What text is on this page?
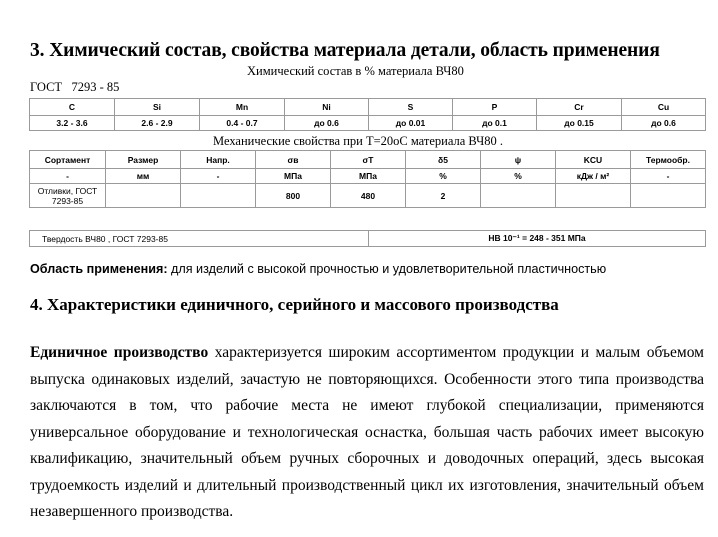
3. Химический состав, свойства материала детали, область применения
Химический состав в % материала ВЧ80
ГОСТ   7293 - 85
C	Si	Mn	Ni	S	P	Cr	Cu
3.2 - 3.6	2.6 - 2.9	0.4 - 0.7	до 0.6	до 0.01	до 0.1	до 0.15	до 0.6
Механические свойства при Т=20оС материала ВЧ80 .
Сортамент	Размер	Напр.	σв	σT	δ5	ψ	KCU	Термообр.
-	мм	-	МПа	МПа	%	%	кДж / м²	-
Отливки, ГОСТ 7293-85			800	480	2			
Твердость ВЧ80 , ГОСТ 7293-85	HB 10⁻¹ = 248 - 351 МПа
Область применения: для изделий с высокой прочностью и удовлетворительной пластичностью
4. Характеристики единичного, серийного и массового производства
Единичное производство характеризуется широким ассортиментом продукции и малым объемом выпуска одинаковых изделий, зачастую не повторяющихся. Особенности этого типа производства заключаются в том, что рабочие места не имеют глубокой специализации, применяются универсальное оборудование и технологическая оснастка, большая часть рабочих имеет высокую квалификацию, значительный объем ручных сборочных и доводочных операций, здесь высокая трудоемкость изделий и длительный производственный цикл их изготовления, значительный объем незавершенного производства.
